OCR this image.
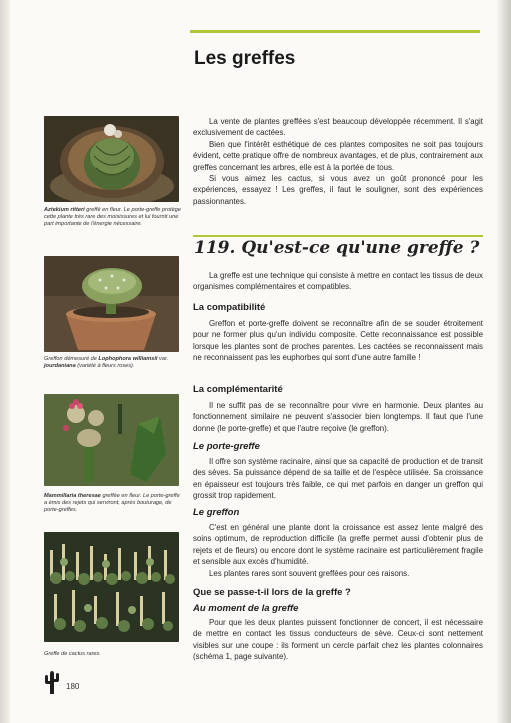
Les greffes
Aztekium ritteri greffé en fleur. Le porte-greffe protège cette plante très rare des moisissures et lui fournit une part importante de l'énergie nécessaire.
Greffon démesuré de Lophophora williamsii var. jourdaniana (variété à fleurs roses).
Mammillaria theresae greffée en fleur. Le porte-greffe a émis des rejets qui serviront, après bouturage, de porte-greffes.
Greffe de cactus rares.
180

La vente de plantes greffées s'est beaucoup développée récemment. Il s'agit exclusivement de cactées.

Bien que l'intérêt esthétique de ces plantes composites ne soit pas toujours évident, cette pratique offre de nombreux avantages, et de plus, contrairement aux greffes concernant les arbres, elle est à la portée de tous.

Si vous aimez les cactus, si vous avez un goût prononcé pour les expériences, essayez ! Les greffes, il faut le souligner, sont des expériences passionnantes.

119. Qu'est-ce qu'une greffe ?

La greffe est une technique qui consiste à mettre en contact les tissus de deux organismes complémentaires et compatibles.

La compatibilité

Greffon et porte-greffe doivent se reconnaître afin de se souder étroitement pour ne former plus qu'un individu composite. Cette reconnaissance est possible lorsque les plantes sont de proches parentes. Les cactées se reconnaissent mais ne reconnaissent pas les euphorbes qui sont d'une autre famille !

La complémentarité

Il ne suffit pas de se reconnaître pour vivre en harmonie. Deux plantes au fonctionnement similaire ne peuvent s'associer bien longtemps. Il faut que l'une donne (le porte-greffe) et que l'autre reçoive (le greffon).

Le porte-greffe

Il offre son système racinaire, ainsi que sa capacité de production et de transit des sèves. Sa puissance dépend de sa taille et de l'espèce utilisée. Sa croissance en épaisseur est toujours très faible, ce qui met parfois en danger un greffon qui grossit trop rapidement.

Le greffon

C'est en général une plante dont la croissance est assez lente malgré des soins optimum, de reproduction difficile (la greffe permet aussi d'obtenir plus de rejets et de fleurs) ou encore dont le système racinaire est particulièrement fragile et sensible aux excès d'humidité.

Les plantes rares sont souvent greffées pour ces raisons.

Que se passe-t-il lors de la greffe ?
Au moment de la greffe

Pour que les deux plantes puissent fonctionner de concert, il est nécessaire de mettre en contact les tissus conducteurs de sève. Ceux-ci sont nettement visibles sur une coupe : ils forment un cercle parfait chez les plantes colonnaires (schéma 1, page suivante).
